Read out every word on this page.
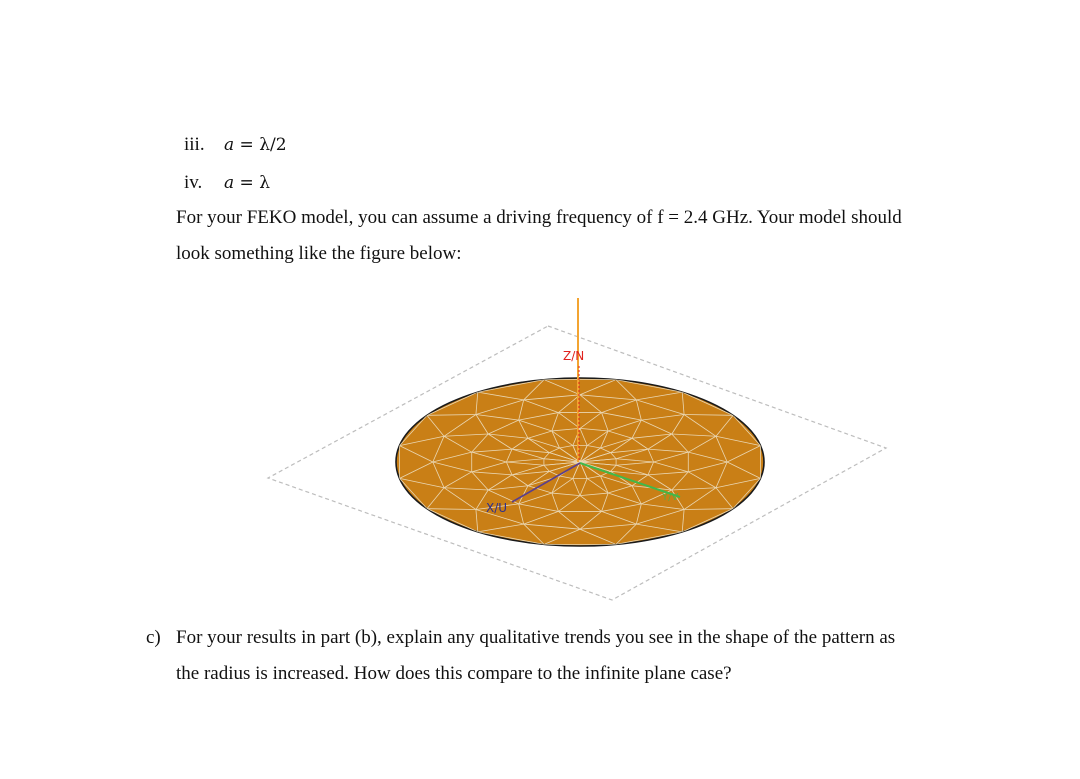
iii. a = λ/2
iv. a = λ
For your FEKO model, you can assume a driving frequency of f = 2.4 GHz. Your model should
look something like the figure below:
Z/N
X/U
Y/V
c) For your results in part (b), explain any qualitative trends you see in the shape of the pattern as
the radius is increased. How does this compare to the infinite plane case?
